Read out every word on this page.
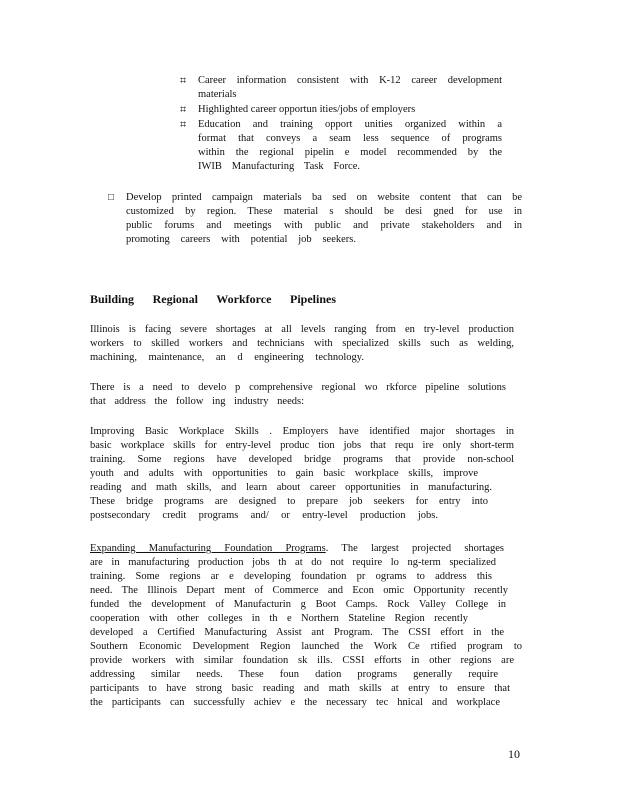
⌗ Career information consistent with K-12 career development
materials
⌗ Highlighted career opportun ities/jobs of employers
⌗ Education and training opport unities organized within a
format that conveys a seam less sequence of programs
within the regional pipelin e model recommended by the
IWIB Manufacturing Task Force.
□ Develop printed campaign materials ba sed on website content that can be
customized by region. These material s should be desi gned for use in
public forums and meetings with public and private stakeholders and in
promoting careers with potential job seekers.
Building Regional Workforce Pipelines
Illinois is facing severe shortages at all levels ranging from en try-level production
workers to skilled workers and technicians with specialized skills such as welding,
machining, maintenance, an d engineering technology.
There is a need to develo p comprehensive regional wo rkforce pipeline solutions
that address the follow ing industry needs:
Improving Basic Workplace Skills . Employers have identified major shortages in
basic workplace skills for entry-level produc tion jobs that requ ire only short-term
training. Some regions have developed bridge programs that provide non-school
youth and adults with opportunities to gain basic workplace skills, improve
reading and math skills, and learn about career opportunities in manufacturing.
These bridge programs are designed to prepare job seekers for entry into
postsecondary credit programs and/ or entry-level production jobs.
Expanding Manufacturing Foundation Programs. The largest projected shortages
are in manufacturing production jobs th at do not require lo ng-term specialized
training. Some regions ar e developing foundation pr ograms to address this
need. The Illinois Depart ment of Commerce and Econ omic Opportunity recently
funded the development of Manufacturin g Boot Camps. Rock Valley College in
cooperation with other colleges in th e Northern Stateline Region recently
developed a Certified Manufacturing Assist ant Program. The CSSI effort in the
Southern Economic Development Region launched the Work Ce rtified program to
provide workers with similar foundation sk ills. CSSI efforts in other regions are
addressing similar needs. These foun dation programs generally require
participants to have strong basic reading and math skills at entry to ensure that
the participants can successfully achiev e the necessary tec hnical and workplace
10
